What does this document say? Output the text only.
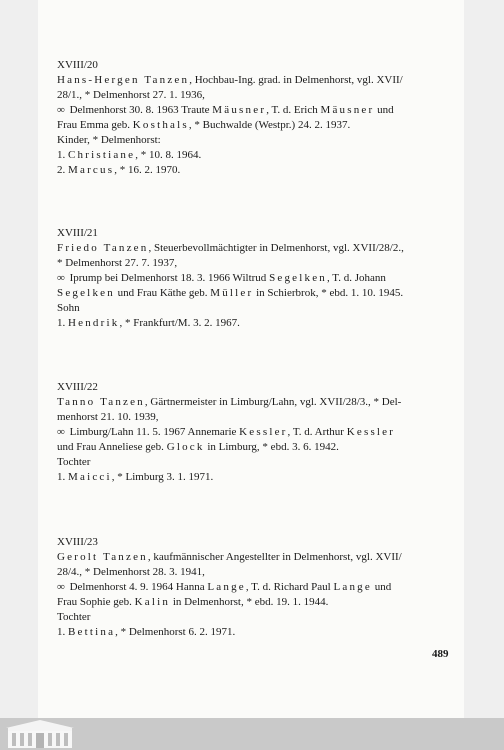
XVIII/20

Hans-Hergen Tanzen, Hochbau-Ing. grad. in Delmenhorst, vgl. XVII/

28/1., * Delmenhorst 27. 1. 1936,

∞ Delmenhorst 30. 8. 1963 Traute Mäusner, T. d. Erich Mäusner und

Frau Emma geb. Kosthals, * Buchwalde (Westpr.) 24. 2. 1937.

Kinder, * Delmenhorst:

1. Christiane, * 10. 8. 1964.

2. Marcus, * 16. 2. 1970.

XVIII/21

Friedo Tanzen, Steuerbevollmächtigter in Delmenhorst, vgl. XVII/28/2.,

* Delmenhorst 27. 7. 1937,

∞ Iprump bei Delmenhorst 18. 3. 1966 Wiltrud Segelken, T. d. Johann

Segelken und Frau Käthe geb. Müller in Schierbrok, * ebd. 1. 10. 1945.

Sohn

1. Hendrik, * Frankfurt/M. 3. 2. 1967.

XVIII/22

Tanno Tanzen, Gärtnermeister in Limburg/Lahn, vgl. XVII/28/3., * Del-

menhorst 21. 10. 1939,

∞ Limburg/Lahn 11. 5. 1967 Annemarie Kessler, T. d. Arthur Kessler

und Frau Anneliese geb. Glock in Limburg, * ebd. 3. 6. 1942.

Tochter

1. Maicci, * Limburg 3. 1. 1971.

XVIII/23

Gerolt Tanzen, kaufmännischer Angestellter in Delmenhorst, vgl. XVII/

28/4., * Delmenhorst 28. 3. 1941,

∞ Delmenhorst 4. 9. 1964 Hanna Lange, T. d. Richard Paul Lange und

Frau Sophie geb. Kalin in Delmenhorst, * ebd. 19. 1. 1944.

Tochter

1. Bettina, * Delmenhorst 6. 2. 1971.

489
